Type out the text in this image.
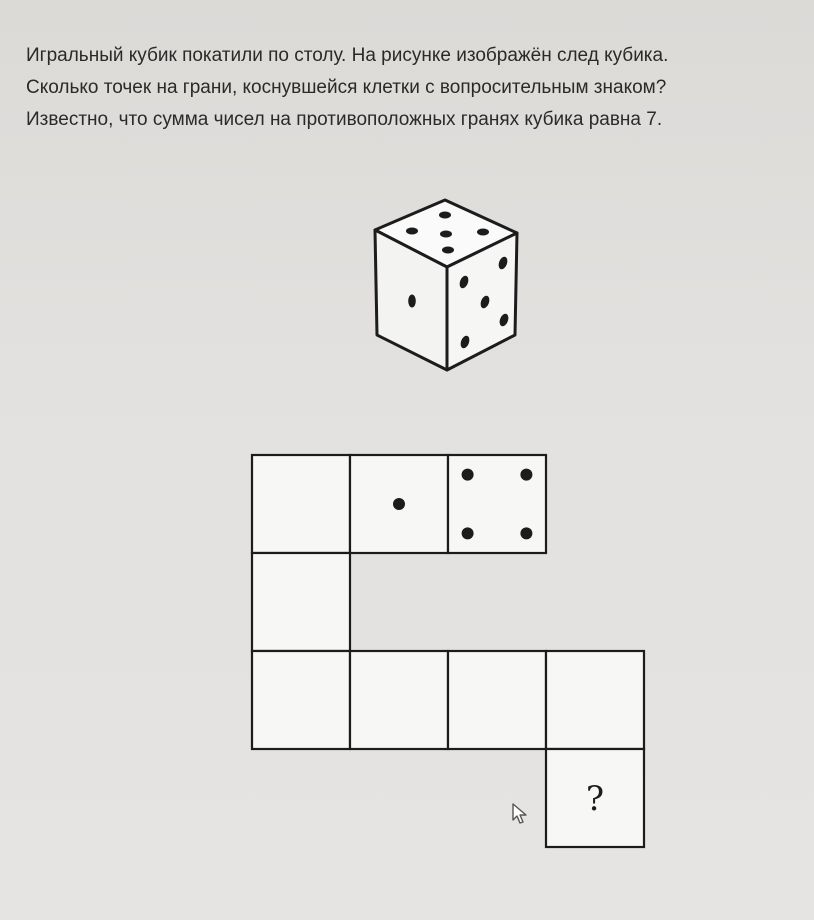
Игральный кубик покатили по столу. На рисунке изображён след кубика.

Сколько точек на грани, коснувшейся клетки с вопросительным знаком?

Известно, что сумма чисел на противоположных гранях кубика равна 7.

?
